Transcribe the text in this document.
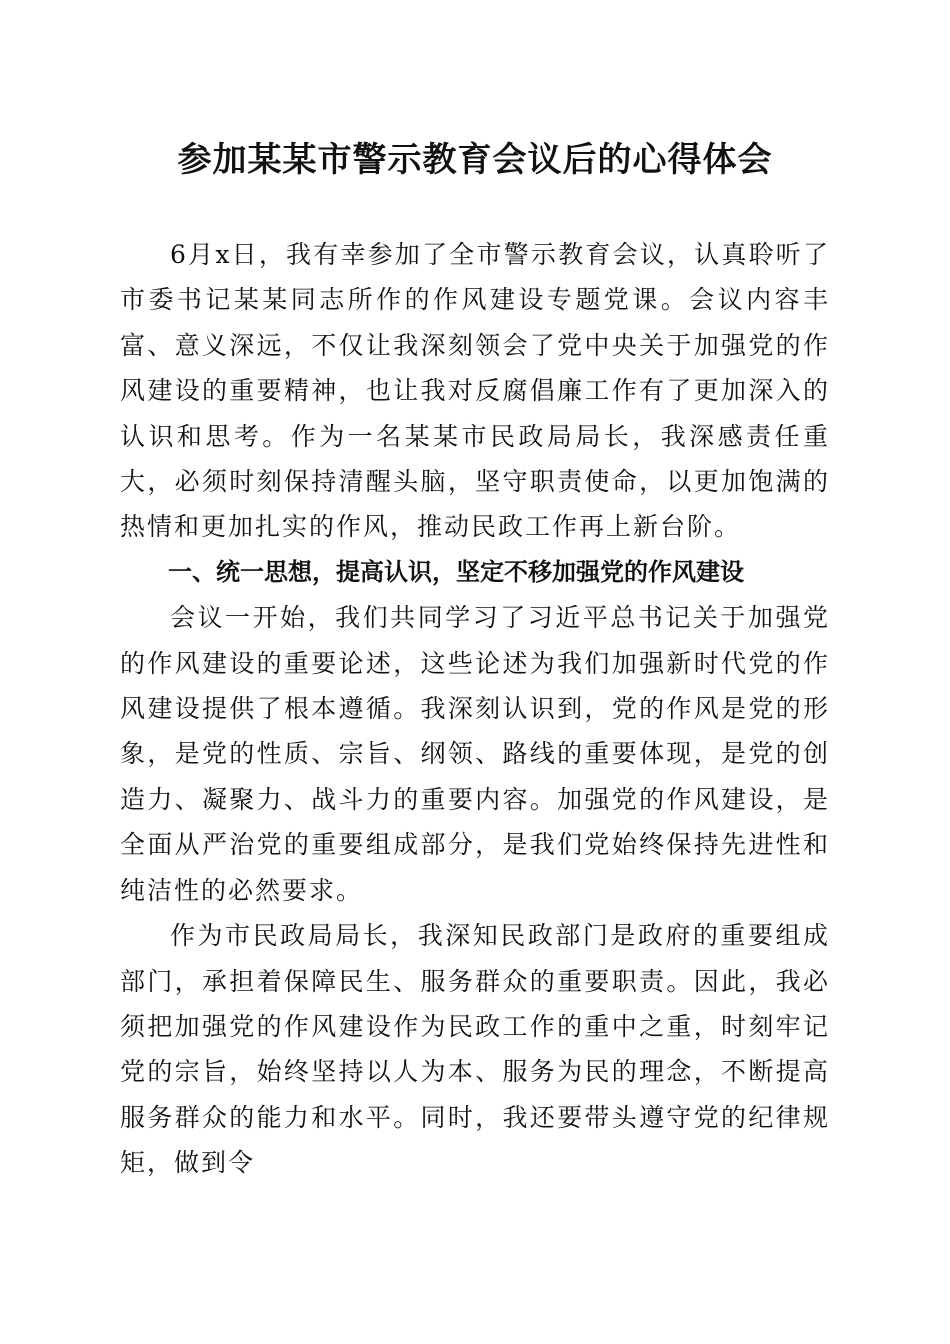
参加某某市警示教育会议后的心得体会

6月x日，我有幸参加了全市警示教育会议，认真聆听了市委书记某某同志所作的作风建设专题党课。会议内容丰富、意义深远，不仅让我深刻领会了党中央关于加强党的作风建设的重要精神，也让我对反腐倡廉工作有了更加深入的认识和思考。作为一名某某市民政局局长，我深感责任重大，必须时刻保持清醒头脑，坚守职责使命，以更加饱满的热情和更加扎实的作风，推动民政工作再上新台阶。

一、统一思想，提高认识，坚定不移加强党的作风建设

会议一开始，我们共同学习了习近平总书记关于加强党的作风建设的重要论述，这些论述为我们加强新时代党的作风建设提供了根本遵循。我深刻认识到，党的作风是党的形象，是党的性质、宗旨、纲领、路线的重要体现，是党的创造力、凝聚力、战斗力的重要内容。加强党的作风建设，是全面从严治党的重要组成部分，是我们党始终保持先进性和纯洁性的必然要求。

作为市民政局局长，我深知民政部门是政府的重要组成部门，承担着保障民生、服务群众的重要职责。因此，我必须把加强党的作风建设作为民政工作的重中之重，时刻牢记党的宗旨，始终坚持以人为本、服务为民的理念，不断提高服务群众的能力和水平。同时，我还要带头遵守党的纪律规矩，做到令
